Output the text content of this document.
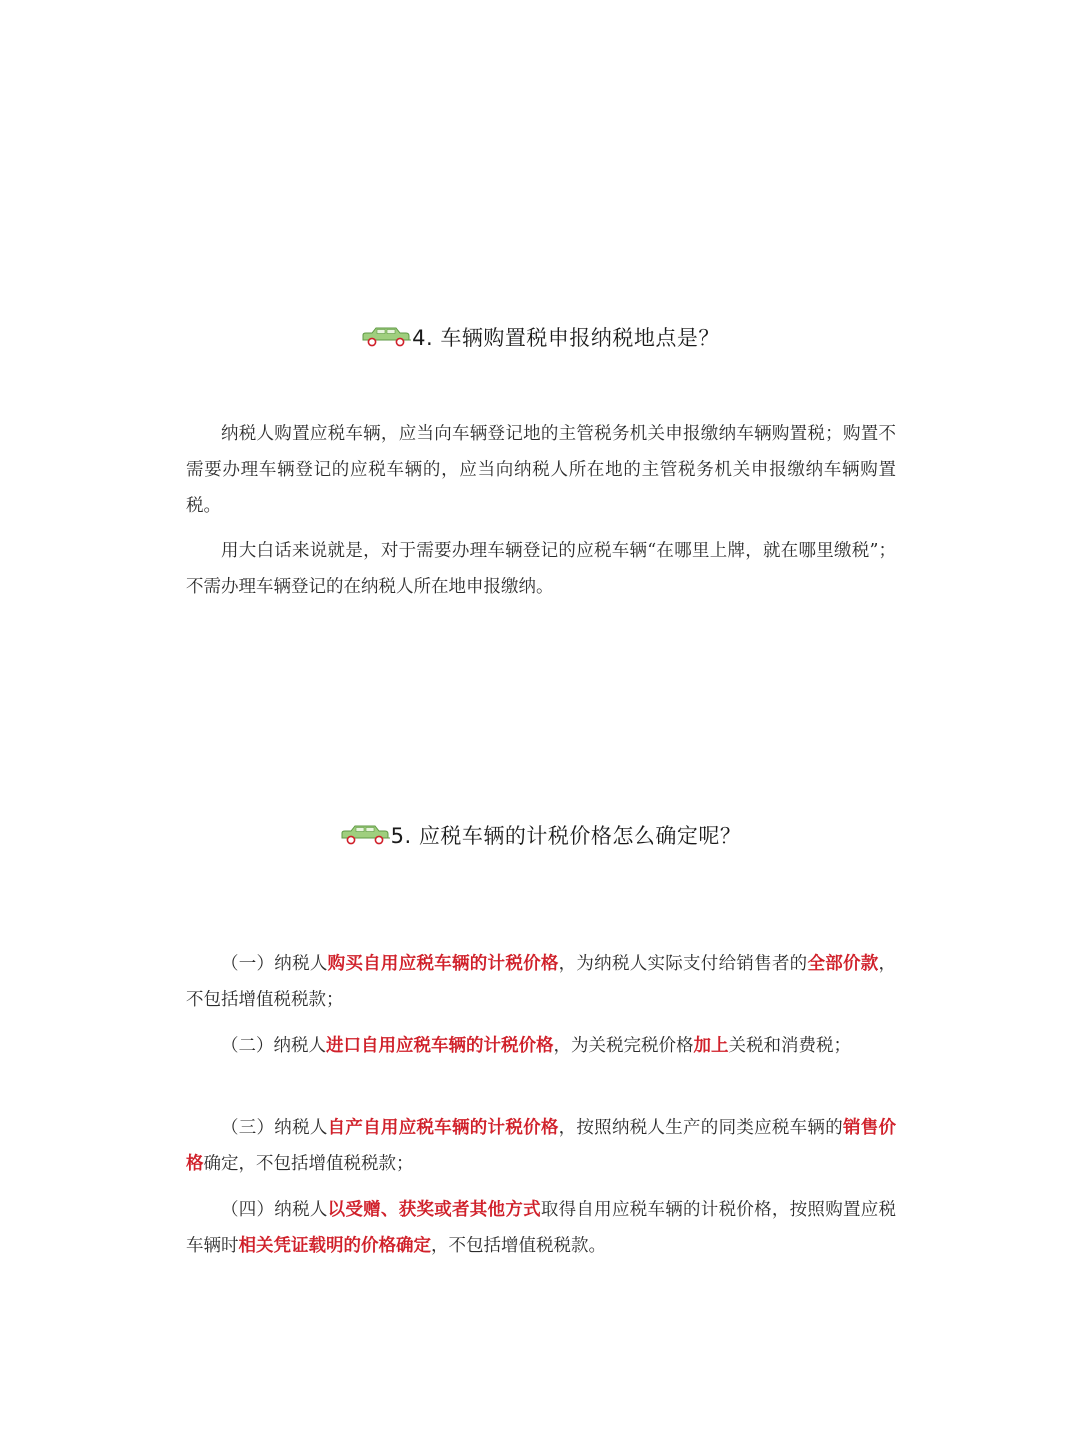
4. 车辆购置税申报纳税地点是？

纳税人购置应税车辆，应当向车辆登记地的主管税务机关申报缴纳车辆购置税；购置不需要办理车辆登记的应税车辆的，应当向纳税人所在地的主管税务机关申报缴纳车辆购置税。

用大白话来说就是，对于需要办理车辆登记的应税车辆“在哪里上牌，就在哪里缴税”；不需办理车辆登记的在纳税人所在地申报缴纳。

5. 应税车辆的计税价格怎么确定呢？

（一）纳税人购买自用应税车辆的计税价格，为纳税人实际支付给销售者的全部价款，不包括增值税税款；

（二）纳税人进口自用应税车辆的计税价格，为关税完税价格加上关税和消费税；

（三）纳税人自产自用应税车辆的计税价格，按照纳税人生产的同类应税车辆的销售价格确定，不包括增值税税款；

（四）纳税人以受赠、获奖或者其他方式取得自用应税车辆的计税价格，按照购置应税车辆时相关凭证载明的价格确定，不包括增值税税款。
